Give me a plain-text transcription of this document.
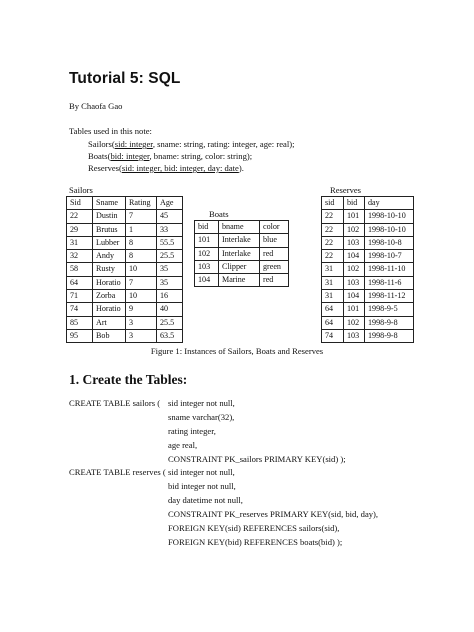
Tutorial 5: SQL
By Chaofa Gao
Tables used in this note:
Sailors(sid: integer, sname: string, rating: integer, age: real);
Boats(bid: integer, bname: string, color: string);
Reserves(sid: integer, bid: integer, day: date).
Sailors
Sid	Sname	Rating	Age
22	Dustin	7	45
29	Brutus	1	33
31	Lubber	8	55.5
32	Andy	8	25.5
58	Rusty	10	35
64	Horatio	7	35
71	Zorba	10	16
74	Horatio	9	40
85	Art	3	25.5
95	Bob	3	63.5
Boats
bid	bname	color
101	Interlake	blue
102	Interlake	red
103	Clipper	green
104	Marine	red
Reserves
sid	bid	day
22	101	1998-10-10
22	102	1998-10-10
22	103	1998-10-8
22	104	1998-10-7
31	102	1998-11-10
31	103	1998-11-6
31	104	1998-11-12
64	101	1998-9-5
64	102	1998-9-8
74	103	1998-9-8
Figure 1: Instances of Sailors, Boats and Reserves
1. Create the Tables:
CREATE TABLE sailors ( sid integer not null,
sname varchar(32),
rating integer,
age real,
CONSTRAINT PK_sailors PRIMARY KEY(sid) );
CREATE TABLE reserves ( sid integer not null,
bid integer not null,
day datetime not null,
CONSTRAINT PK_reserves PRIMARY KEY(sid, bid, day),
FOREIGN KEY(sid) REFERENCES sailors(sid),
FOREIGN KEY(bid) REFERENCES boats(bid) );
